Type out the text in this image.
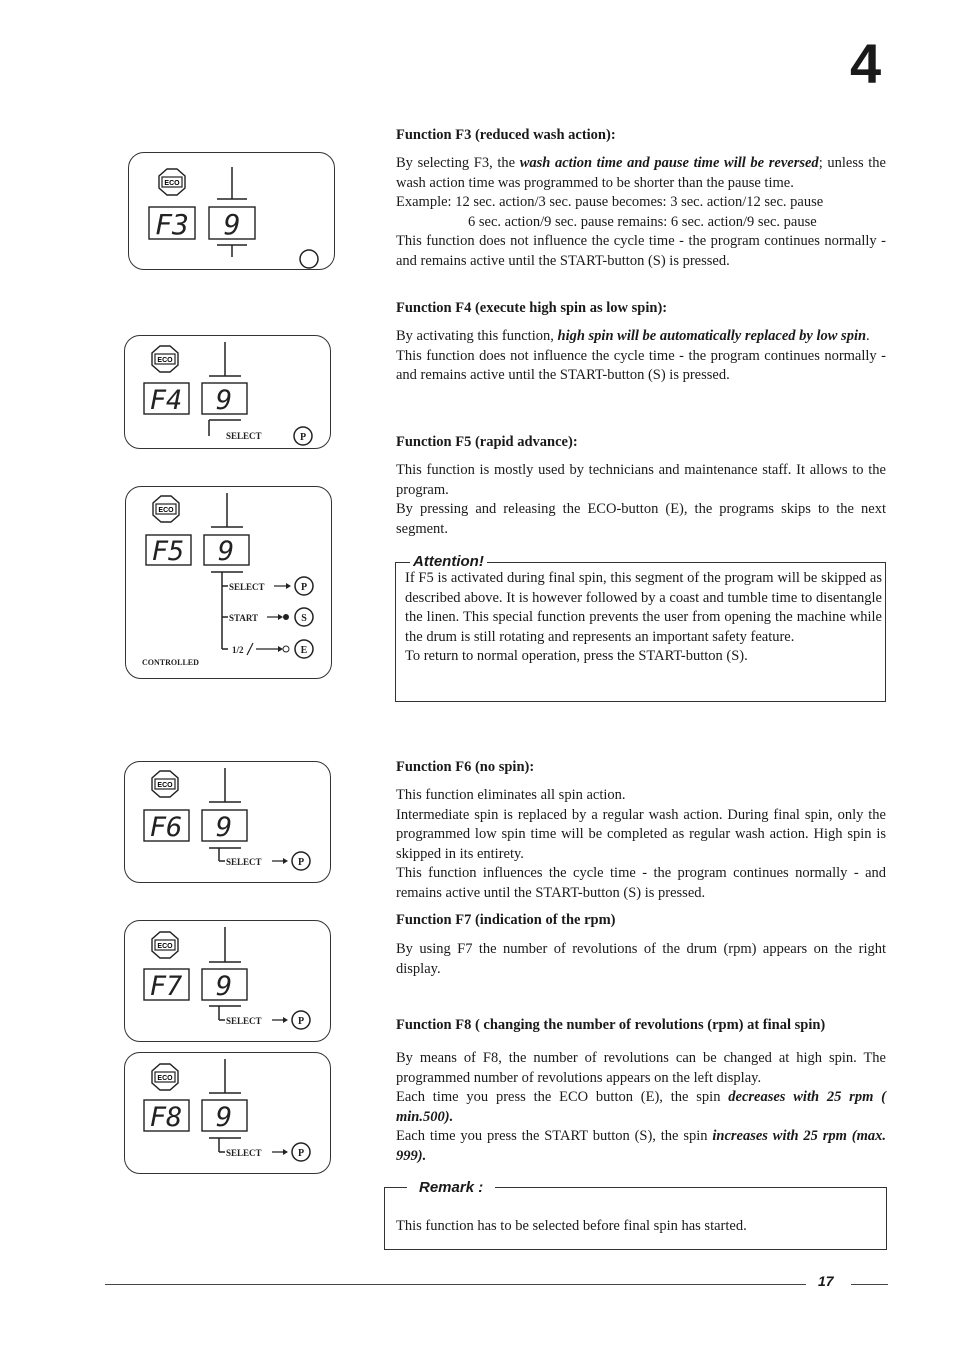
4
ECO
F3 9
ECO
F4 9
SELECT	P
ECO
F5 9
SELECT	P
START	S
1/2	E
CONTROLLED
ECO
F6 9
SELECT	P
ECO
F7 9
SELECT	P
ECO
F8 9
SELECT	P
Function F3 (reduced wash action):

By selecting F3, the wash action time and pause time will be reversed; unless the wash action time was programmed to be shorter than the pause time.

Example: 12 sec. action/3 sec. pause becomes: 3 sec. action/12 sec. pause

6 sec. action/9 sec. pause remains: 6 sec. action/9 sec. pause

This function does not influence the cycle time - the program continues normally - and remains active until the START-button (S) is pressed.

Function F4 (execute high spin as low spin):

By activating this function, high spin will be automatically replaced by low spin.

This function does not influence the cycle time - the program continues normally - and remains active until the START-button (S) is pressed.

Function F5 (rapid advance):

This function is mostly used by technicians and maintenance staff. It allows to the program.

By pressing and releasing the ECO-button (E), the programs skips to the next segment.

Attention!

If F5 is activated during final spin, this segment of the program will be skipped as described above. It is however followed by a coast and tumble time to disentangle the linen. This special function prevents the user from opening the machine while the drum is still rotating and represents an important safety feature.

To return to normal operation, press the START-button (S).

Function F6 (no spin):

This function eliminates all spin action.

Intermediate spin is replaced by a regular wash action. During final spin, only the programmed low spin time will be completed as regular wash action. High spin is skipped in its entirety.

This function influences the cycle time - the program continues normally - and remains active until the START-button (S) is pressed.

Function F7 (indication of the rpm)

By using F7 the number of revolutions of the drum (rpm) appears on the right display.

Function F8 ( changing the number of revolutions (rpm) at final spin)

By means of F8, the number of revolutions can be changed at high spin. The programmed number of revolutions appears on the left display.

Each time you press the ECO button (E), the spin decreases with 25 rpm ( min.500).

Each time you press the START button (S), the spin increases with 25 rpm (max. 999).

Remark :

This function has to be selected before final spin has started.

17
